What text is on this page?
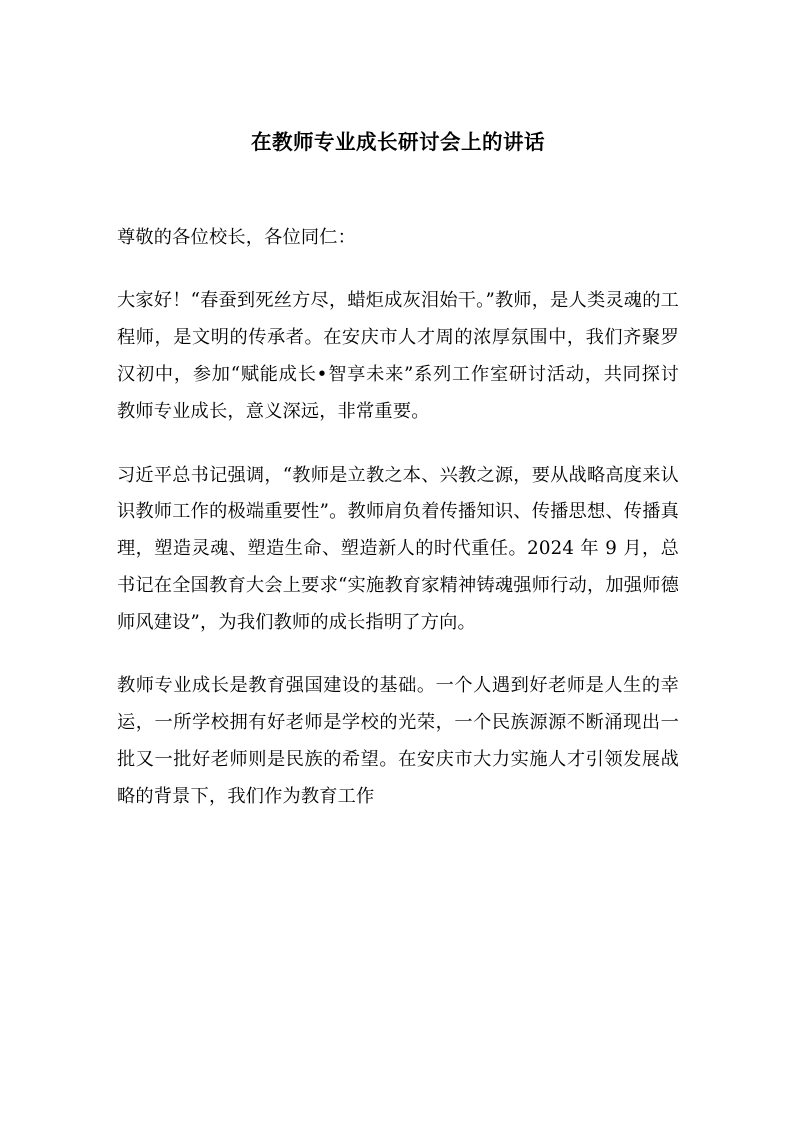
在教师专业成长研讨会上的讲话

尊敬的各位校长，各位同仁：

大家好！“春蚕到死丝方尽，蜡炬成灰泪始干。”教师，是人类灵魂的工程师，是文明的传承者。在安庆市人才周的浓厚氛围中，我们齐聚罗汉初中，参加“赋能成长•智享未来”系列工作室研讨活动，共同探讨教师专业成长，意义深远，非常重要。

习近平总书记强调，“教师是立教之本、兴教之源，要从战略高度来认识教师工作的极端重要性”。教师肩负着传播知识、传播思想、传播真理，塑造灵魂、塑造生命、塑造新人的时代重任。2024 年 9 月，总书记在全国教育大会上要求“实施教育家精神铸魂强师行动，加强师德师风建设”，为我们教师的成长指明了方向。

教师专业成长是教育强国建设的基础。一个人遇到好老师是人生的幸运，一所学校拥有好老师是学校的光荣，一个民族源源不断涌现出一批又一批好老师则是民族的希望。在安庆市大力实施人才引领发展战略的背景下，我们作为教育工作
